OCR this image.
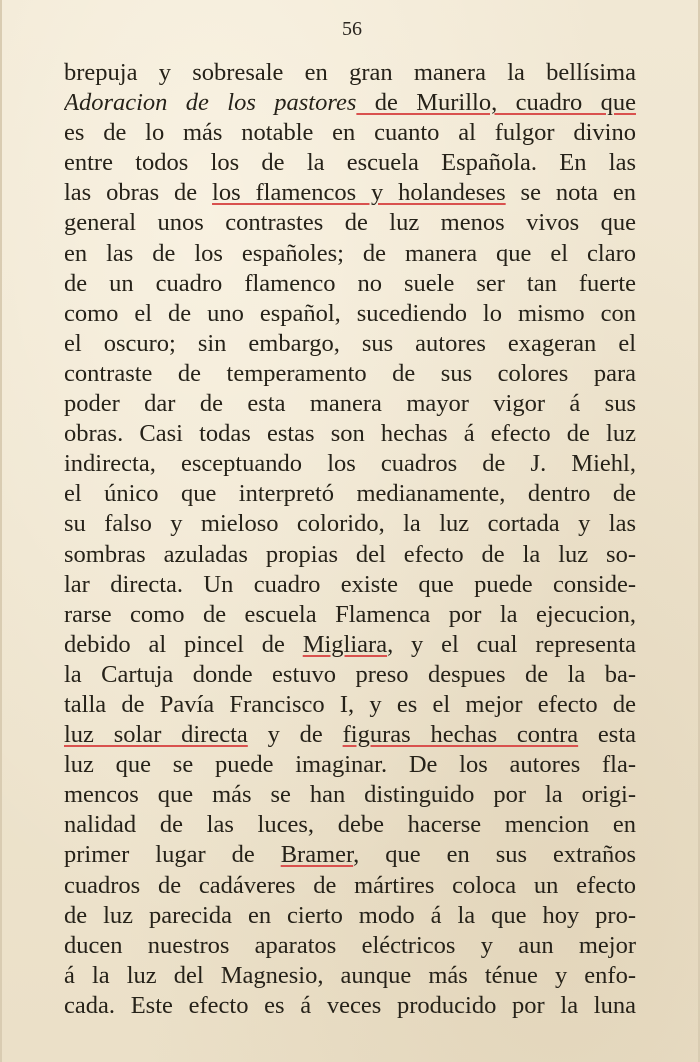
56
brepuja y sobresale en gran manera la bellísima
Adoracion de los pastores de Murillo, cuadro que
es de lo más notable en cuanto al fulgor divino
entre todos los de la escuela Española. En las
las obras de los flamencos y holandeses se nota en
general unos contrastes de luz menos vivos que
en las de los españoles; de manera que el claro
de un cuadro flamenco no suele ser tan fuerte
como el de uno español, sucediendo lo mismo con
el oscuro; sin embargo, sus autores exageran el
contraste de temperamento de sus colores para
poder dar de esta manera mayor vigor á sus
obras. Casi todas estas son hechas á efecto de luz
indirecta, esceptuando los cuadros de J. Miehl,
el único que interpretó medianamente, dentro de
su falso y mieloso colorido, la luz cortada y las
sombras azuladas propias del efecto de la luz so-
lar directa. Un cuadro existe que puede conside-
rarse como de escuela Flamenca por la ejecucion,
debido al pincel de Migliara, y el cual representa
la Cartuja donde estuvo preso despues de la ba-
talla de Pavía Francisco I, y es el mejor efecto de
luz solar directa y de figuras hechas contra esta
luz que se puede imaginar. De los autores fla-
mencos que más se han distinguido por la origi-
nalidad de las luces, debe hacerse mencion en
primer lugar de Bramer, que en sus extraños
cuadros de cadáveres de mártires coloca un efecto
de luz parecida en cierto modo á la que hoy pro-
ducen nuestros aparatos eléctricos y aun mejor
á la luz del Magnesio, aunque más ténue y enfo-
cada. Este efecto es á veces producido por la luna
